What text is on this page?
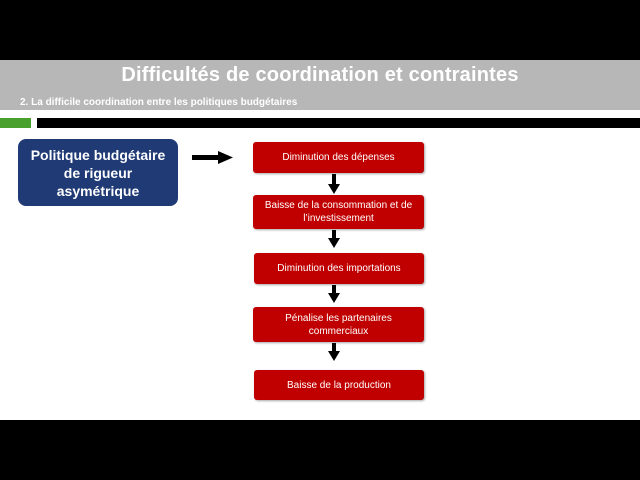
Difficultés de coordination et contraintes
2. La difficile coordination entre les politiques budgétaires
Politique budgétaire de rigueur asymétrique
Diminution des dépenses
Baisse de la consommation et de l’investissement
Diminution des importations
Pénalise les partenaires commerciaux
Baisse de la production
